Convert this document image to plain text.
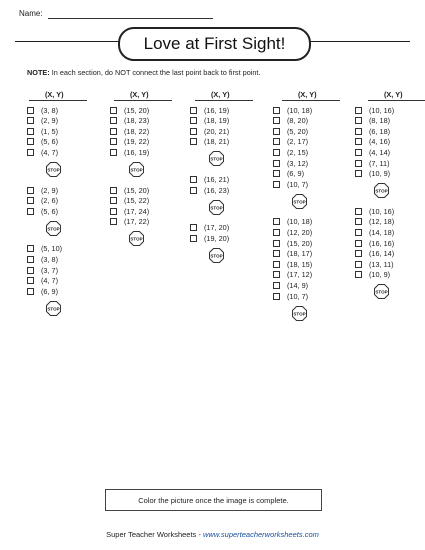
Name:
Love at First Sight!
NOTE: In each section, do NOT connect the last point back to first point.
(X, Y)
(3, 8)
(2, 9)
(1, 5)
(5, 6)
(4, 7)
STOP
(2, 9)
(2, 6)
(5, 6)
STOP
(5, 10)
(3, 8)
(3, 7)
(4, 7)
(6, 9)
STOP
(X, Y)
(15, 20)
(18, 23)
(18, 22)
(19, 22)
(16, 19)
STOP
(15, 20)
(15, 22)
(17, 24)
(17, 22)
STOP
(X, Y)
(16, 19)
(18, 19)
(20, 21)
(18, 21)
STOP
(16, 21)
(16, 23)
STOP
(17, 20)
(19, 20)
STOP
(X, Y)
(10, 18)
(8, 20)
(5, 20)
(2, 17)
(2, 15)
(3, 12)
(6, 9)
(10, 7)
STOP
(10, 18)
(12, 20)
(15, 20)
(18, 17)
(18, 15)
(17, 12)
(14, 9)
(10, 7)
STOP
(X, Y)
(10, 16)
(8, 18)
(6, 18)
(4, 16)
(4, 14)
(7, 11)
(10, 9)
STOP
(10, 16)
(12, 18)
(14, 18)
(16, 16)
(16, 14)
(13, 11)
(10, 9)
STOP
Color the picture once the image is complete.
Super Teacher Worksheets - www.superteacherworksheets.com
